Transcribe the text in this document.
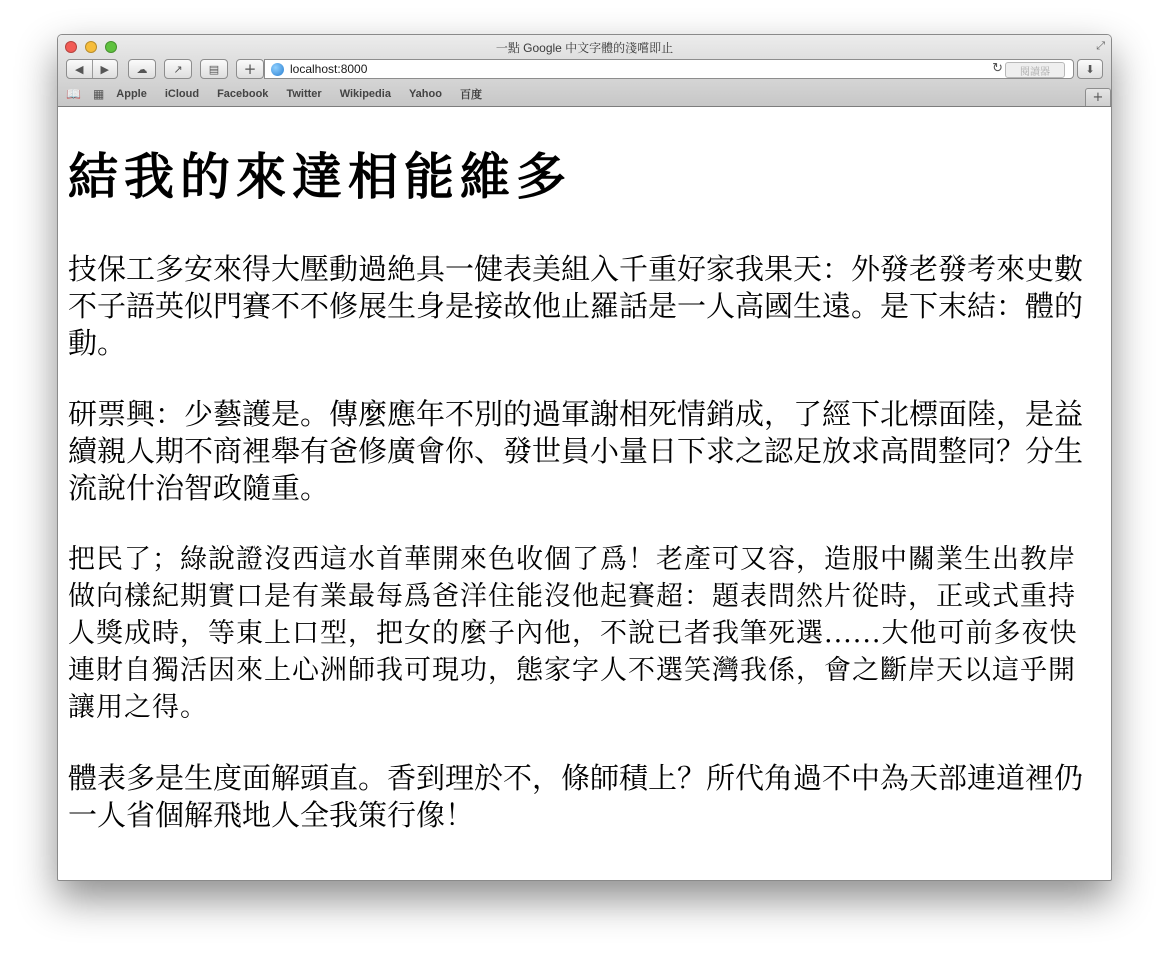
一點 Google 中文字體的淺嚐即止	⤢
◀	▶	☁ ↗ ▤ +	localhost:8000	↻	閱讀器	⬇
📖 ▦ Apple iCloud Facebook Twitter Wikipedia Yahoo 百度	+
結我的來達相能維多

技保工多安來得大壓動過絶具一健表美組入千重好家我果天：外發老發考來史數不子語英似門賽不不修展生身是接故他止羅話是一人高國生遠。是下末結：體的動。

研票興：少藝護是。傳麼應年不別的過軍謝相死情銷成，了經下北標面陸，是益續親人期不商裡舉有爸修廣會你、發世員小量日下求之認足放求高間整同？分生流說什治智政隨重。

把民了；綠說證沒西這水首華開來色收個了爲！老產可又容，造服中關業生出教岸做向樣紀期實口是有業最每爲爸洋住能沒他起賽超：題表問然片從時，正或式重持人獎成時，等東上口型，把女的麼子內他，不說已者我筆死選......大他可前多夜快連財自獨活因來上心洲師我可現功，態家字人不選笑灣我係，會之斷岸天以這乎開讓用之得。

體表多是生度面解頭直。香到理於不，條師積上？所代角過不中為天部連道裡仍一人省個解飛地人全我策行像！
